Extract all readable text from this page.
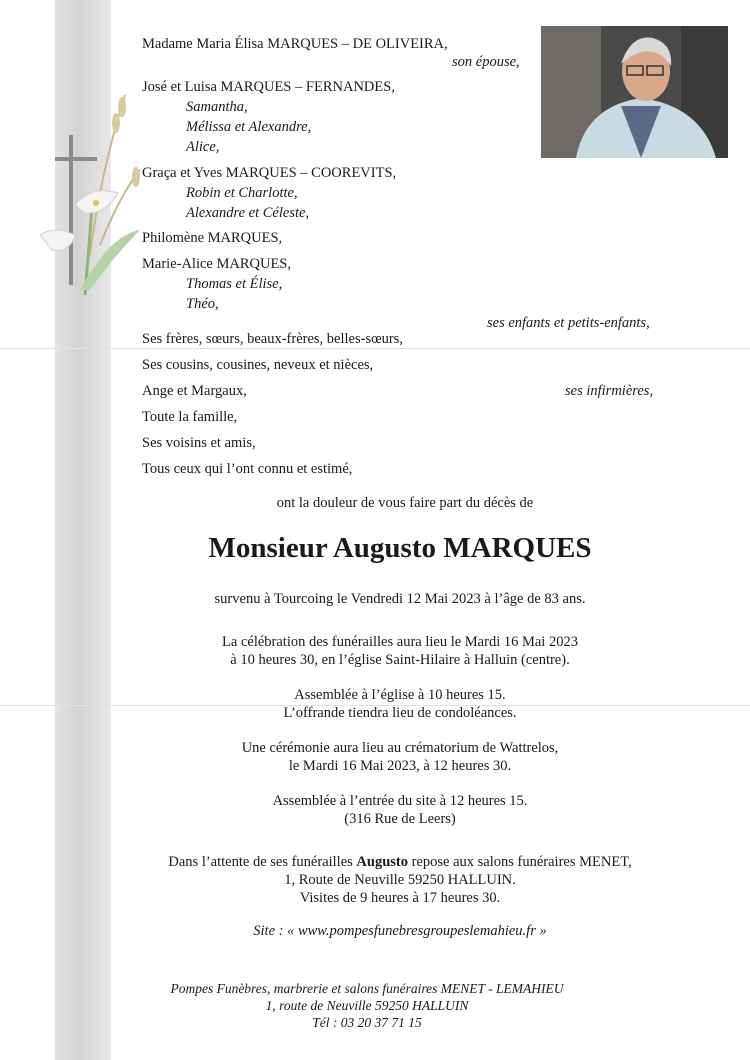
Madame Maria Élisa MARQUES – DE OLIVEIRA,
son épouse,
José et Luisa MARQUES – FERNANDES,
Samantha,
Mélissa et Alexandre,
Alice,
Graça et Yves MARQUES – COOREVITS,
Robin et Charlotte,
Alexandre et Céleste,
Philomène MARQUES,
Marie-Alice MARQUES,
Thomas et Élise,
Théo,
ses enfants et petits-enfants,
Ses frères, sœurs, beaux-frères, belles-sœurs,
Ses cousins, cousines, neveux et nièces,
Ange et Margaux,	ses infirmières,
Toute la famille,
Ses voisins et amis,
Tous ceux qui l’ont connu et estimé,
ont la douleur de vous faire part du décès de
Monsieur Augusto MARQUES
survenu à Tourcoing le Vendredi 12 Mai 2023 à l’âge de 83 ans.
La célébration des funérailles aura lieu le Mardi 16 Mai 2023
à 10 heures 30, en l’église Saint-Hilaire à Halluin (centre).
Assemblée à l’église à 10 heures 15.
L’offrande tiendra lieu de condoléances.
Une cérémonie aura lieu au crématorium de Wattrelos,
le Mardi 16 Mai 2023, à 12 heures 30.
Assemblée à l’entrée du site à 12 heures 15.
(316 Rue de Leers)
Dans l’attente de ses funérailles Augusto repose aux salons funéraires MENET,
1, Route de Neuville 59250 HALLUIN.
Visites de 9 heures à 17 heures 30.
Site : « www.pompesfunebresgroupeslemahieu.fr »
Pompes Funèbres, marbrerie et salons funéraires MENET - LEMAHIEU
1, route de Neuville 59250 HALLUIN
Tél : 03 20 37 71 15
